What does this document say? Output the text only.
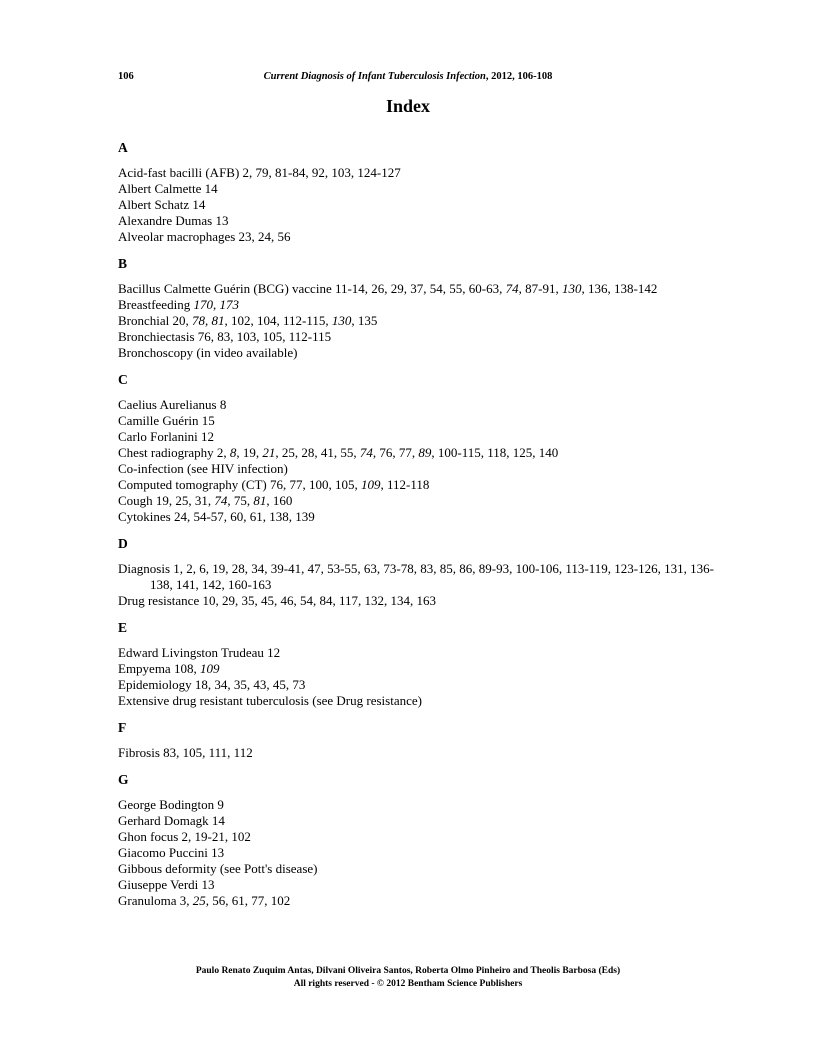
106	Current Diagnosis of Infant Tuberculosis Infection, 2012, 106-108
Index
A
Acid-fast bacilli (AFB) 2, 79, 81-84, 92, 103, 124-127
Albert Calmette 14
Albert Schatz 14
Alexandre Dumas 13
Alveolar macrophages 23, 24, 56
B
Bacillus Calmette Guérin (BCG) vaccine 11-14, 26, 29, 37, 54, 55, 60-63, 74, 87-91, 130, 136, 138-142
Breastfeeding 170, 173
Bronchial 20, 78, 81, 102, 104, 112-115, 130, 135
Bronchiectasis 76, 83, 103, 105, 112-115
Bronchoscopy (in video available)
C
Caelius Aurelianus 8
Camille Guérin 15
Carlo Forlanini 12
Chest radiography 2, 8, 19, 21, 25, 28, 41, 55, 74, 76, 77, 89, 100-115, 118, 125, 140
Co-infection (see HIV infection)
Computed tomography (CT) 76, 77, 100, 105, 109, 112-118
Cough 19, 25, 31, 74, 75, 81, 160
Cytokines 24, 54-57, 60, 61, 138, 139
D
Diagnosis 1, 2, 6, 19, 28, 34, 39-41, 47, 53-55, 63, 73-78, 83, 85, 86, 89-93, 100-106, 113-119, 123-126, 131, 136-138, 141, 142, 160-163
Drug resistance 10, 29, 35, 45, 46, 54, 84, 117, 132, 134, 163
E
Edward Livingston Trudeau 12
Empyema 108, 109
Epidemiology 18, 34, 35, 43, 45, 73
Extensive drug resistant tuberculosis (see Drug resistance)
F
Fibrosis 83, 105, 111, 112
G
George Bodington 9
Gerhard Domagk 14
Ghon focus 2, 19-21, 102
Giacomo Puccini 13
Gibbous deformity (see Pott's disease)
Giuseppe Verdi 13
Granuloma 3, 25, 56, 61, 77, 102
Paulo Renato Zuquim Antas, Dilvani Oliveira Santos, Roberta Olmo Pinheiro and Theolis Barbosa (Eds)
All rights reserved - © 2012 Bentham Science Publishers
